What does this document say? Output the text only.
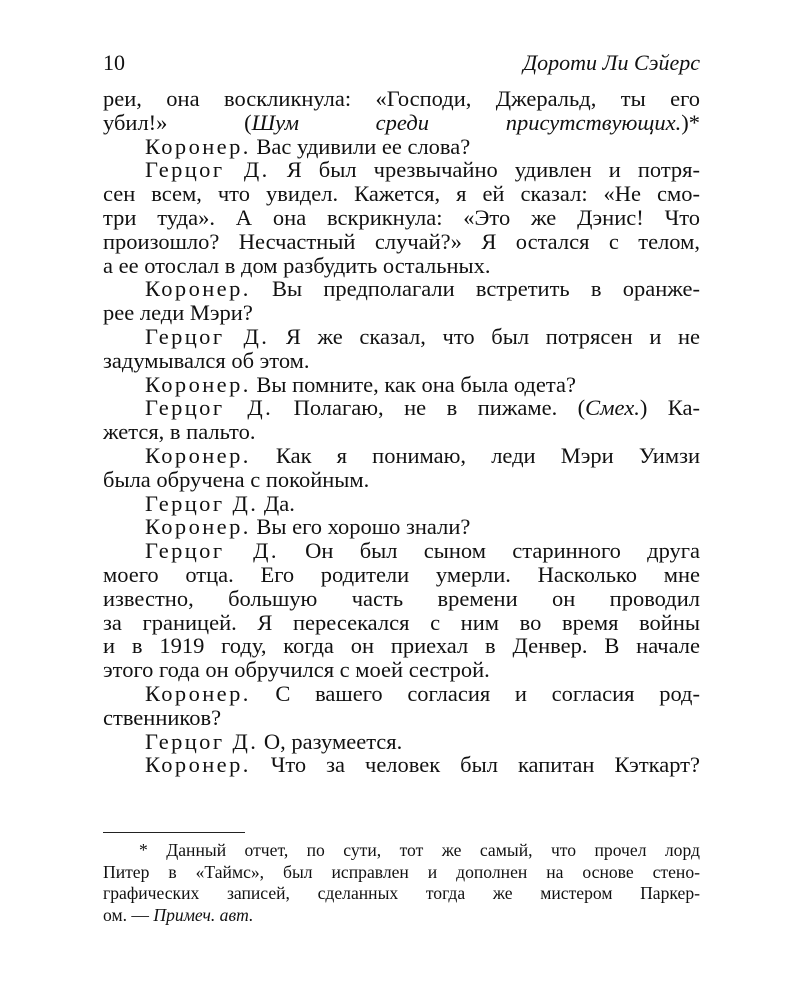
10	Дороти Ли Сэйерс
реи, она воскликнула: «Господи, Джеральд, ты его
убил!» (Шум среди присутствующих.)*
Коронер. Вас удивили ее слова?
Герцог Д. Я был чрезвычайно удивлен и потря-
сен всем, что увидел. Кажется, я ей сказал: «Не смо-
три туда». А она вскрикнула: «Это же Дэнис! Что
произошло? Несчастный случай?» Я остался с телом,
а ее отослал в дом разбудить остальных.
Коронер. Вы предполагали встретить в оранже-
рее леди Мэри?
Герцог Д. Я же сказал, что был потрясен и не
задумывался об этом.
Коронер. Вы помните, как она была одета?
Герцог Д. Полагаю, не в пижаме. (Смех.) Ка-
жется, в пальто.
Коронер. Как я понимаю, леди Мэри Уимзи
была обручена с покойным.
Герцог Д. Да.
Коронер. Вы его хорошо знали?
Герцог Д. Он был сыном старинного друга
моего отца. Его родители умерли. Насколько мне
известно, большую часть времени он проводил
за границей. Я пересекался с ним во время войны
и в 1919 году, когда он приехал в Денвер. В начале
этого года он обручился с моей сестрой.
Коронер. С вашего согласия и согласия род-
ственников?
Герцог Д. О, разумеется.
Коронер. Что за человек был капитан Кэткарт?
* Данный отчет, по сути, тот же самый, что прочел лорд
Питер в «Таймс», был исправлен и дополнен на основе стено-
графических записей, сделанных тогда же мистером Паркер-
ом. — Примеч. авт.
